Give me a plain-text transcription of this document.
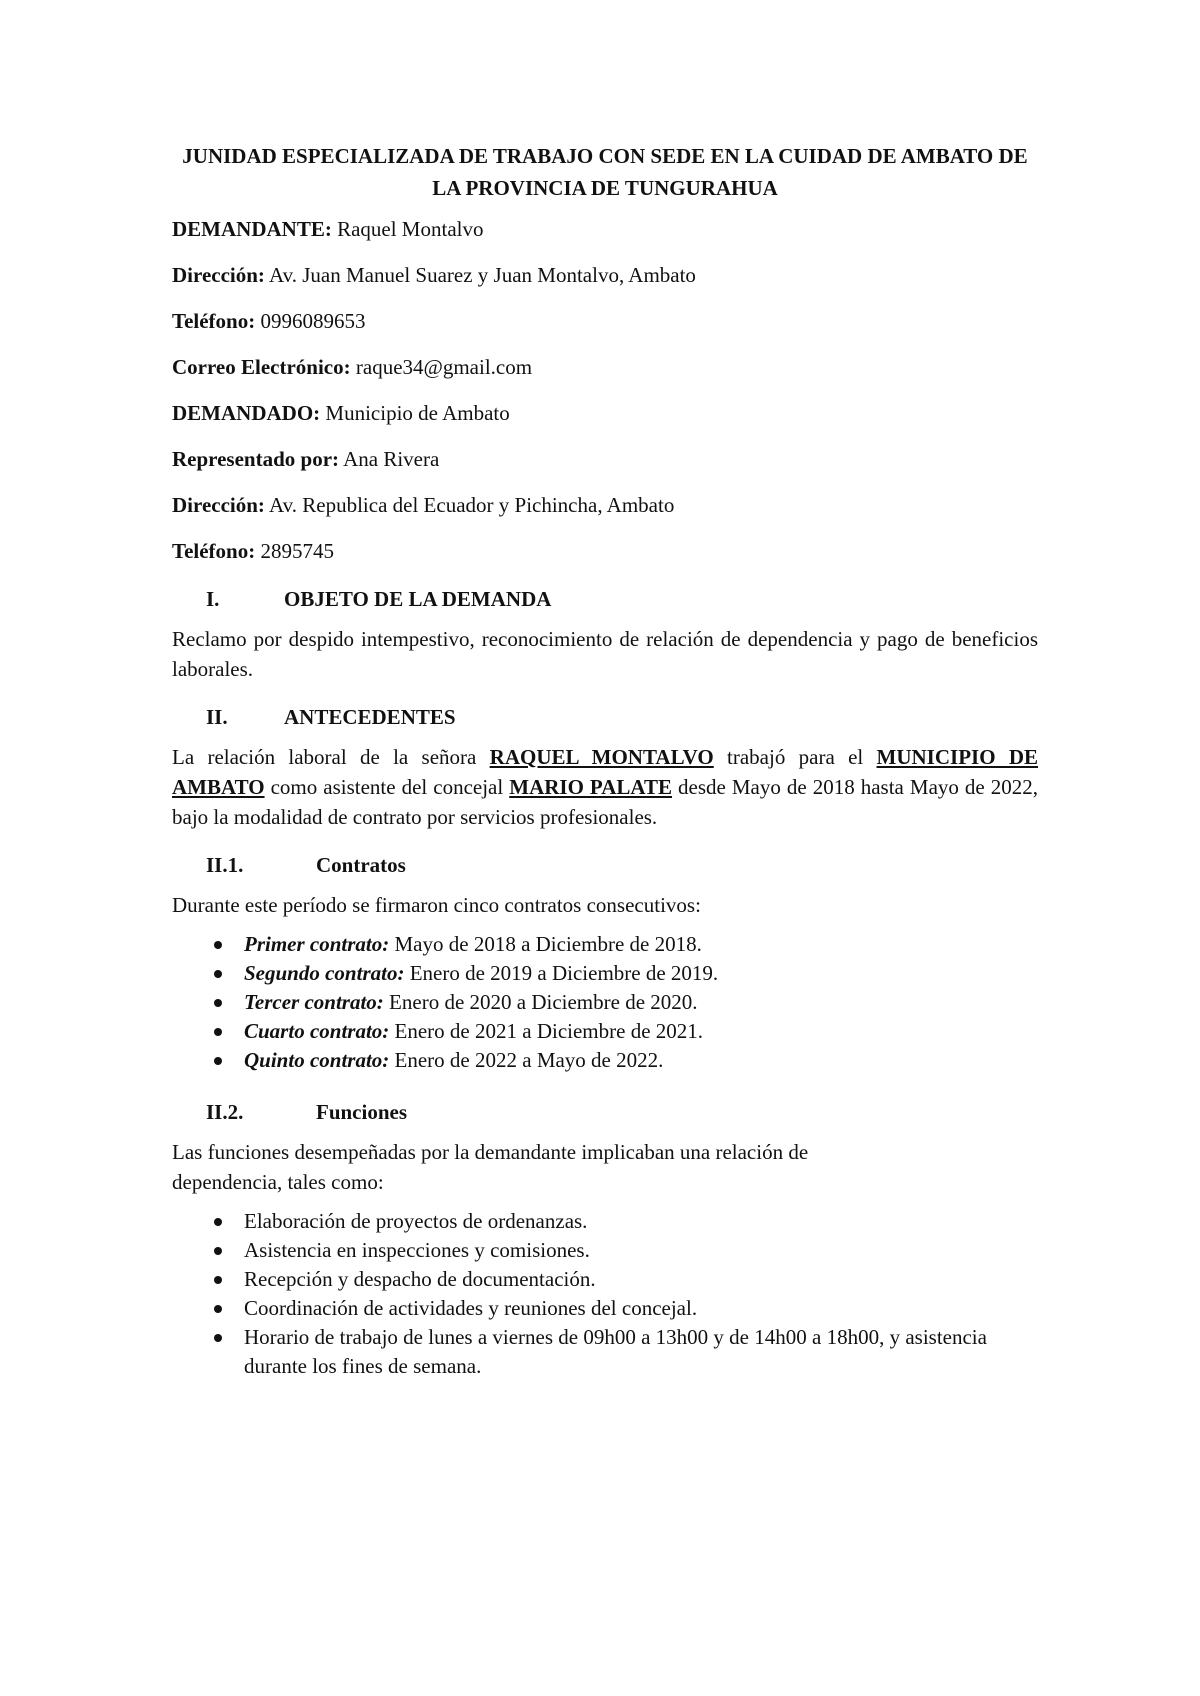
JUNIDAD ESPECIALIZADA DE TRABAJO CON SEDE EN LA CUIDAD DE AMBATO DE LA PROVINCIA DE TUNGURAHUA
DEMANDANTE: Raquel Montalvo
Dirección: Av. Juan Manuel Suarez y Juan Montalvo, Ambato
Teléfono: 0996089653
Correo Electrónico: raque34@gmail.com
DEMANDADO: Municipio de Ambato
Representado por: Ana Rivera
Dirección: Av. Republica del Ecuador y Pichincha, Ambato
Teléfono: 2895745
I.	OBJETO DE LA DEMANDA
Reclamo por despido intempestivo, reconocimiento de relación de dependencia y pago de beneficios laborales.
II.	ANTECEDENTES
La relación laboral de la señora RAQUEL MONTALVO trabajó para el MUNICIPIO DE AMBATO como asistente del concejal MARIO PALATE desde Mayo de 2018 hasta Mayo de 2022, bajo la modalidad de contrato por servicios profesionales.
II.1.	Contratos
Durante este período se firmaron cinco contratos consecutivos:
Primer contrato: Mayo de 2018 a Diciembre de 2018.
Segundo contrato: Enero de 2019 a Diciembre de 2019.
Tercer contrato: Enero de 2020 a Diciembre de 2020.
Cuarto contrato: Enero de 2021 a Diciembre de 2021.
Quinto contrato: Enero de 2022 a Mayo de 2022.
II.2.	Funciones
Las funciones desempeñadas por la demandante implicaban una relación de dependencia, tales como:
Elaboración de proyectos de ordenanzas.
Asistencia en inspecciones y comisiones.
Recepción y despacho de documentación.
Coordinación de actividades y reuniones del concejal.
Horario de trabajo de lunes a viernes de 09h00 a 13h00 y de 14h00 a 18h00, y asistencia durante los fines de semana.
